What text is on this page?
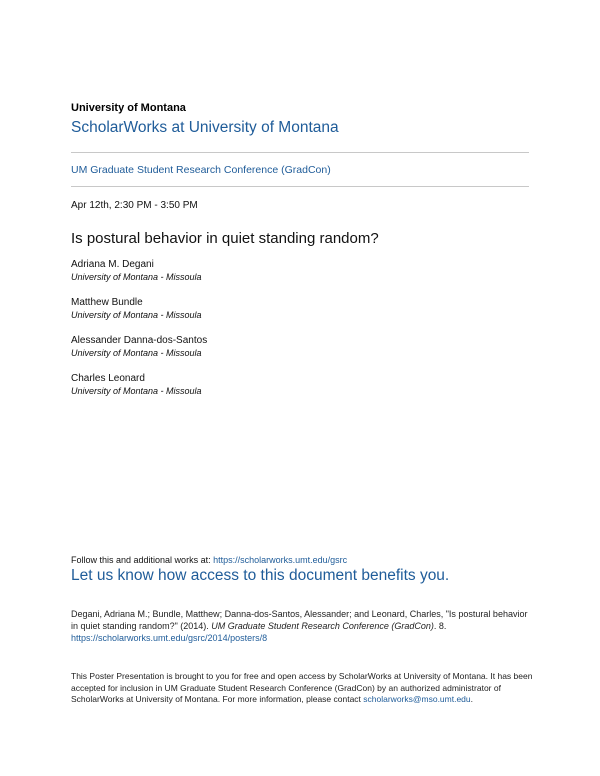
University of Montana
ScholarWorks at University of Montana
UM Graduate Student Research Conference (GradCon)
Apr 12th, 2:30 PM - 3:50 PM
Is postural behavior in quiet standing random?
Adriana M. Degani
University of Montana - Missoula
Matthew Bundle
University of Montana - Missoula
Alessander Danna-dos-Santos
University of Montana - Missoula
Charles Leonard
University of Montana - Missoula
Follow this and additional works at: https://scholarworks.umt.edu/gsrc
Let us know how access to this document benefits you.
Degani, Adriana M.; Bundle, Matthew; Danna-dos-Santos, Alessander; and Leonard, Charles, "Is postural behavior in quiet standing random?" (2014). UM Graduate Student Research Conference (GradCon). 8.
https://scholarworks.umt.edu/gsrc/2014/posters/8
This Poster Presentation is brought to you for free and open access by ScholarWorks at University of Montana. It has been accepted for inclusion in UM Graduate Student Research Conference (GradCon) by an authorized administrator of ScholarWorks at University of Montana. For more information, please contact scholarworks@mso.umt.edu.
